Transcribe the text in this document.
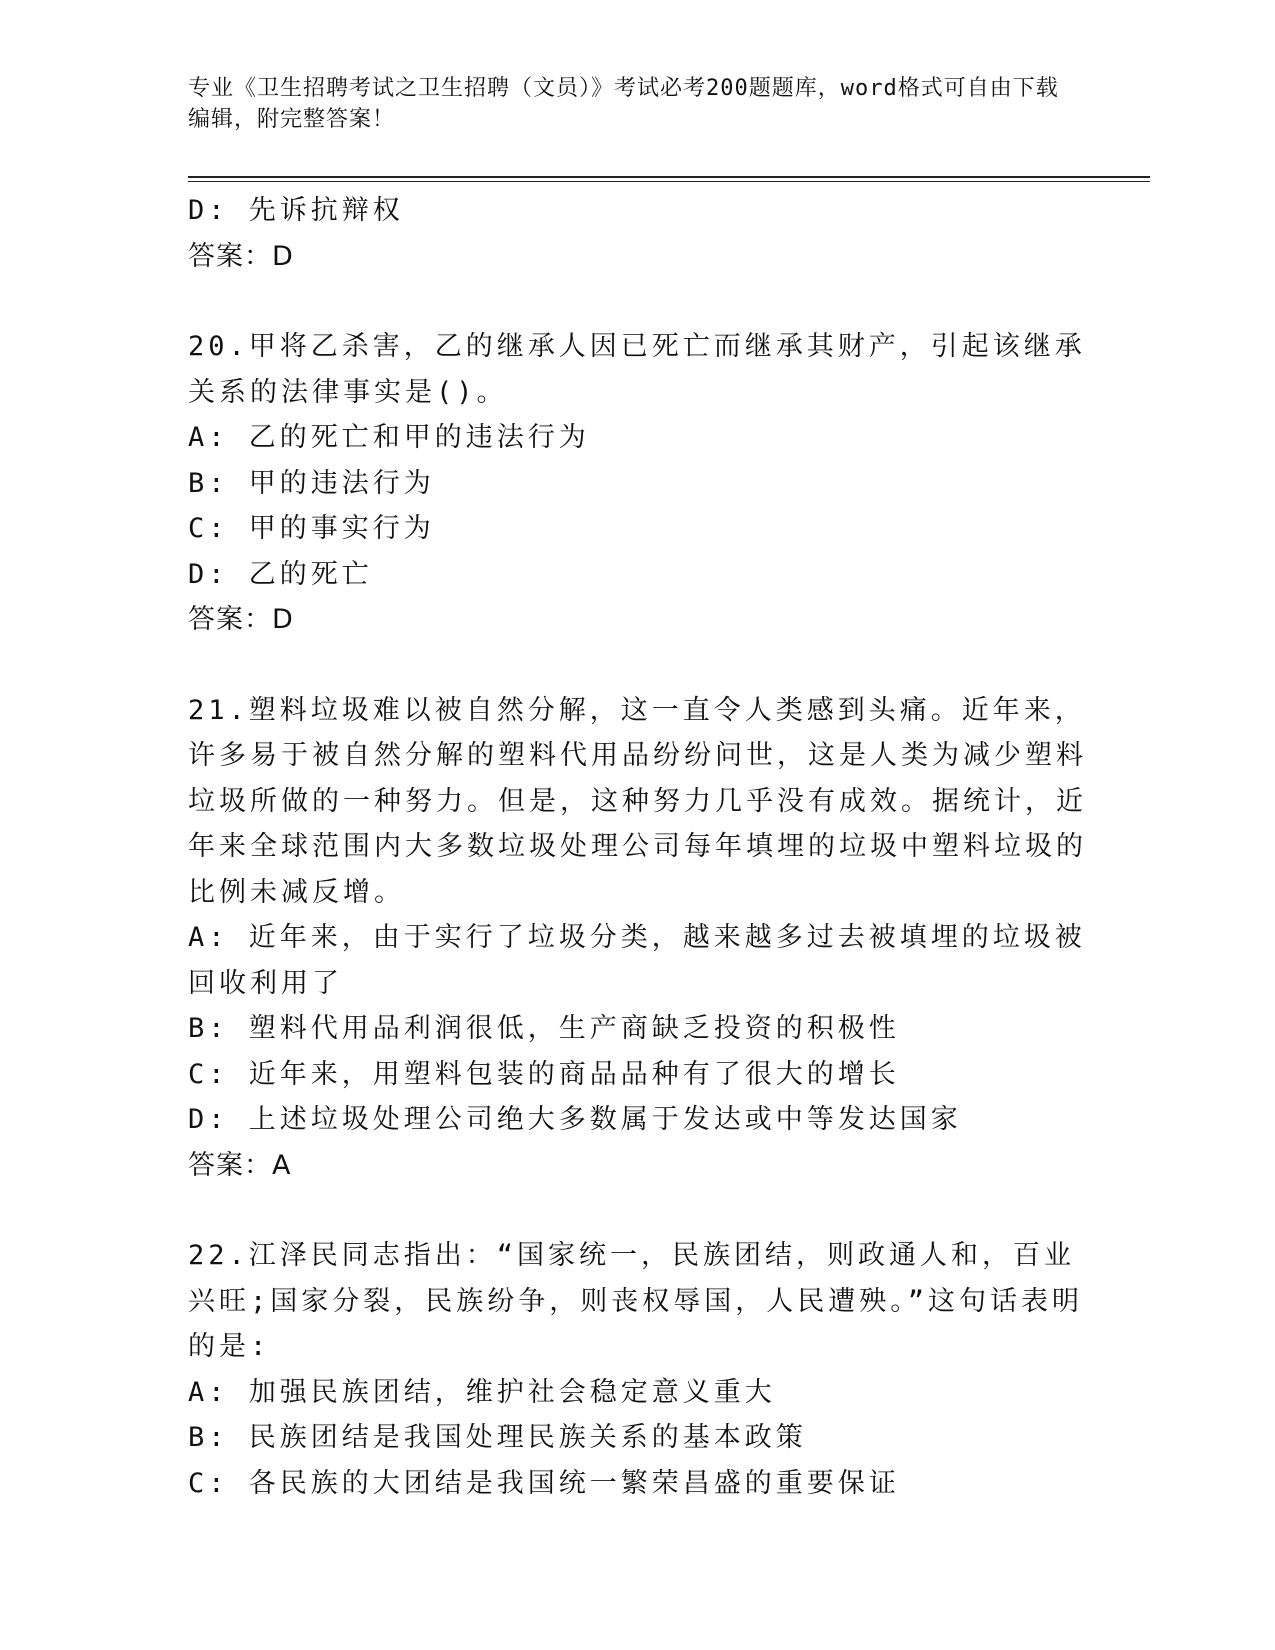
专业《卫生招聘考试之卫生招聘（文员）》考试必考200题题库，word格式可自由下载编辑，附完整答案！

D: 先诉抗辩权

答案：D

20.甲将乙杀害，乙的继承人因已死亡而继承其财产，引起该继承关系的法律事实是()。

A: 乙的死亡和甲的违法行为

B: 甲的违法行为

C: 甲的事实行为

D: 乙的死亡

答案：D

21.塑料垃圾难以被自然分解，这一直令人类感到头痛。近年来，许多易于被自然分解的塑料代用品纷纷问世，这是人类为减少塑料垃圾所做的一种努力。但是，这种努力几乎没有成效。据统计，近年来全球范围内大多数垃圾处理公司每年填埋的垃圾中塑料垃圾的比例未减反增。

A: 近年来，由于实行了垃圾分类，越来越多过去被填埋的垃圾被回收利用了

B: 塑料代用品利润很低，生产商缺乏投资的积极性

C: 近年来，用塑料包装的商品品种有了很大的增长

D: 上述垃圾处理公司绝大多数属于发达或中等发达国家

答案：A

22.江泽民同志指出：“国家统一，民族团结，则政通人和，百业兴旺;国家分裂，民族纷争，则丧权辱国，人民遭殃。”这句话表明的是:

A: 加强民族团结，维护社会稳定意义重大

B: 民族团结是我国处理民族关系的基本政策

C: 各民族的大团结是我国统一繁荣昌盛的重要保证
